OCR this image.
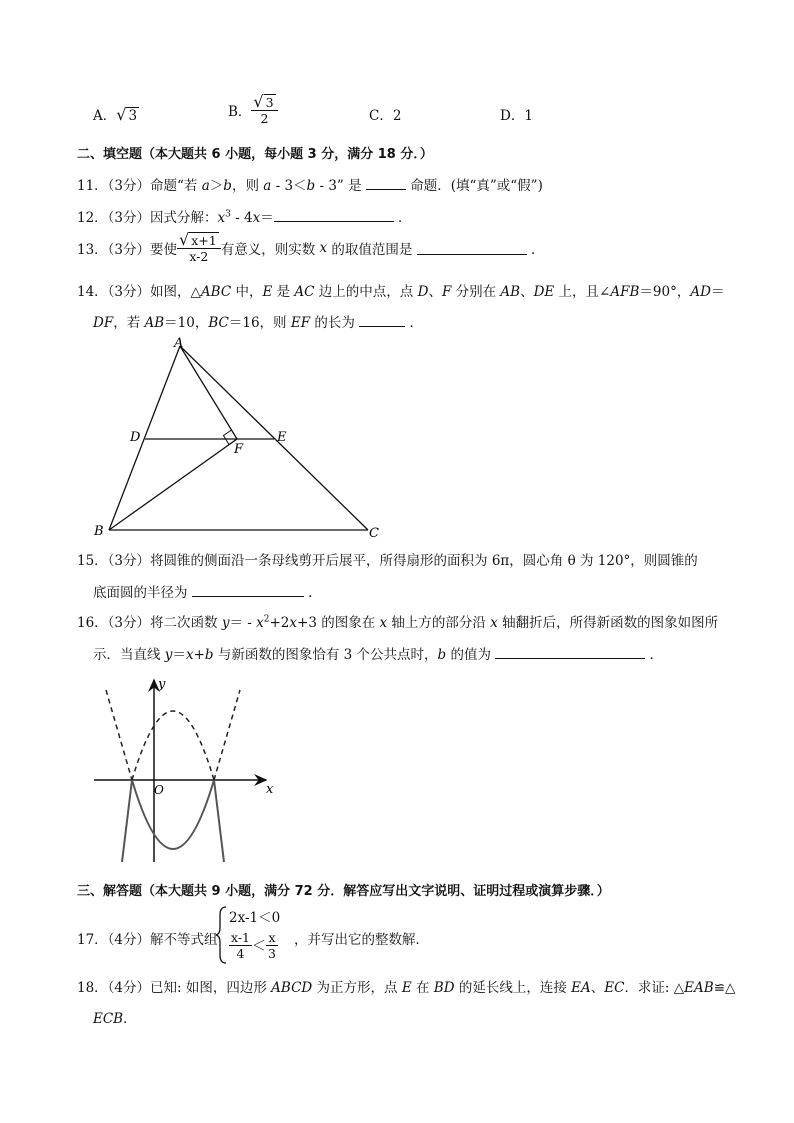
A．√ 3	B． $\frac{√ 3}{2}$	C．2	D．1
二、填空题（本大题共 6 小题，每小题 3 分，满分 18 分．）
11．（3分）命题“若 a＞b，则 a - 3＜b - 3” 是	命题．(填“真”或“假”)
12．（3分）因式分解：$x^3 - 4x=$	．
13．（3分）要使 $\frac{√ x+1}{x-2}$ 有意义，则实数 x 的取值范围是	．
14．（3分）如图，△ABC 中，E 是 AC 边上的中点，点 D、F 分别在 AB、DE 上，且∠AFB＝90°，AD＝
DF，若 AB＝10，BC＝16，则 EF 的长为	．
A
B	C
D	E
F
15．（3分）将圆锥的侧面沿一条母线剪开后展平，所得扇形的面积为 6π，圆心角 θ 为 120°，则圆锥的
底面圆的半径为	．
16．（3分）将二次函数 $y= - x^2+2x+3$ 的图象在 x 轴上方的部分沿 x 轴翻折后，所得新函数的图象如图所
示．当直线 y＝x+b 与新函数的图象恰有 3 个公共点时，b 的值为	．
x
y
O
三、解答题（本大题共 9 小题，满分 72 分．解答应写出文字说明、证明过程或演算步骤．）
17．（4分）解不等式组
2x-1＜0
$\frac{x-1}{4} < \frac{x}{3}$ ，并写出它的整数解．
18．（4分）已知: 如图，四边形 ABCD 为正方形，点 E 在 BD 的延长线上，连接 EA、EC．求证: △EAB≌△
ECB．
